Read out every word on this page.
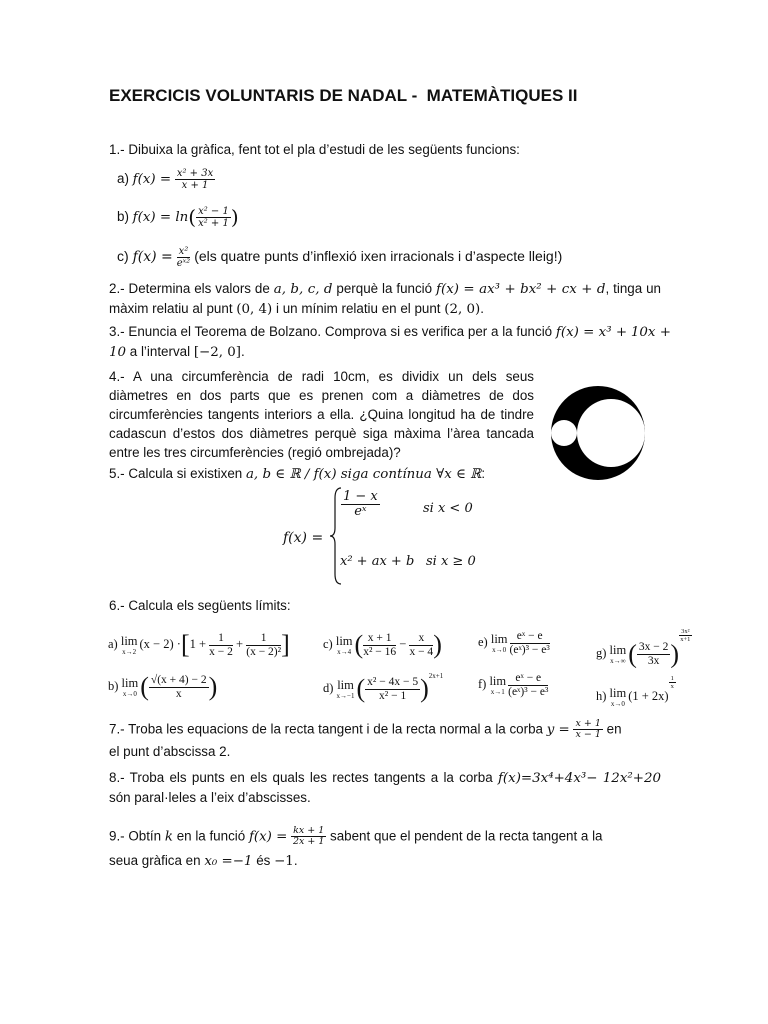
EXERCICIS VOLUNTARIS DE NADAL -  MATEMÀTIQUES II
1.- Dibuixa la gràfica, fent tot el pla d’estudi de les següents funcions:
a) $f(x) = \frac{\text{x² + 3x}}{x + 1}$
b) $f(x) = \ln( \frac{\text{x² − 1}}{\text{x² + 1}}$ )
c) $f(x) = \frac{\text{x²}}{\text{eˣ²}} (els$ quatre punts d’inflexió ixen irracionals i d’aspecte lleig!)
2.- Determina els valors de a, b, c, d perquè la funció f(x) = ax³ + bx² + cx + d, tinga un màxim relatiu al punt (0, 4) i un mínim relatiu en el punt (2, 0).
3.- Enuncia el Teorema de Bolzano. Comprova si es verifica per a la funció f(x) = x³ + 10x + 10 a l’interval [−2, 0].
4.- A una circumferència de radi 10cm, es dividix un dels seus diàmetres en dos parts que es prenen com a diàmetres de dos circumferències tangents interiors a ella. ¿Quina longitud ha de tindre cadascun d’estos dos diàmetres perquè siga màxima l’àrea tancada entre les tres circumferències (regió ombrejada)?
5.- Calcula si existixen a, b ∈ ℝ / f(x) siga contínua ∀x ∈ ℝ:
f(x) =
$\frac{1 - x}{\text{eˣ}}$	si x < 0
x² + ax + b si x ≥ 0
6.- Calcula els següents límits:
a) lim
x→2
$(x - 2) \cdot[1 + \frac{1}{x - 2} + \frac{1}{\text{(x − 2)²}}$ ]
b) lim
x→0 ( $\frac{√(x + 4) - 2}{x}$ )
c) lim
x→4 ( $\frac{x + 1}{\text{x² − 16}} - \frac{x}{x - 4}$ )
d) lim
x→−1 ( $\frac{\text{x² − 4x − 5}}{\text{x² − 1}} )^{2x+1}$
e) lim
$x\to 0 \frac{\text{eˣ − e}}{\text{(eˣ)³ − e³}}$
f) lim
$x\to 1 \frac{\text{eˣ − e}}{\text{(eˣ)³ − e³}}$
g) lim
x→∞ ( $\frac{3x - 2}{3x}$ )
$\frac{\text{3x²}}{x+1}$
h) lim
x→0
(1 + 2x)
$\frac{1}{x}$
7.- Troba les equacions de la recta tangent i de la recta normal a la corba $y = \frac{x + 1}{x - 1}$ en
el punt d’abscissa 2.
8.- Troba els punts en els quals les rectes tangents a la corba f(x)=3x⁴+4x³− 12x²+20 són paral·leles a l’eix d’abscisses.
9.- Obtín k en la funció $f(x) = \frac{kx + 1}{2x + 1}$ sabent que el pendent de la recta tangent a la
seua gràfica en x₀ =−1 és −1.
